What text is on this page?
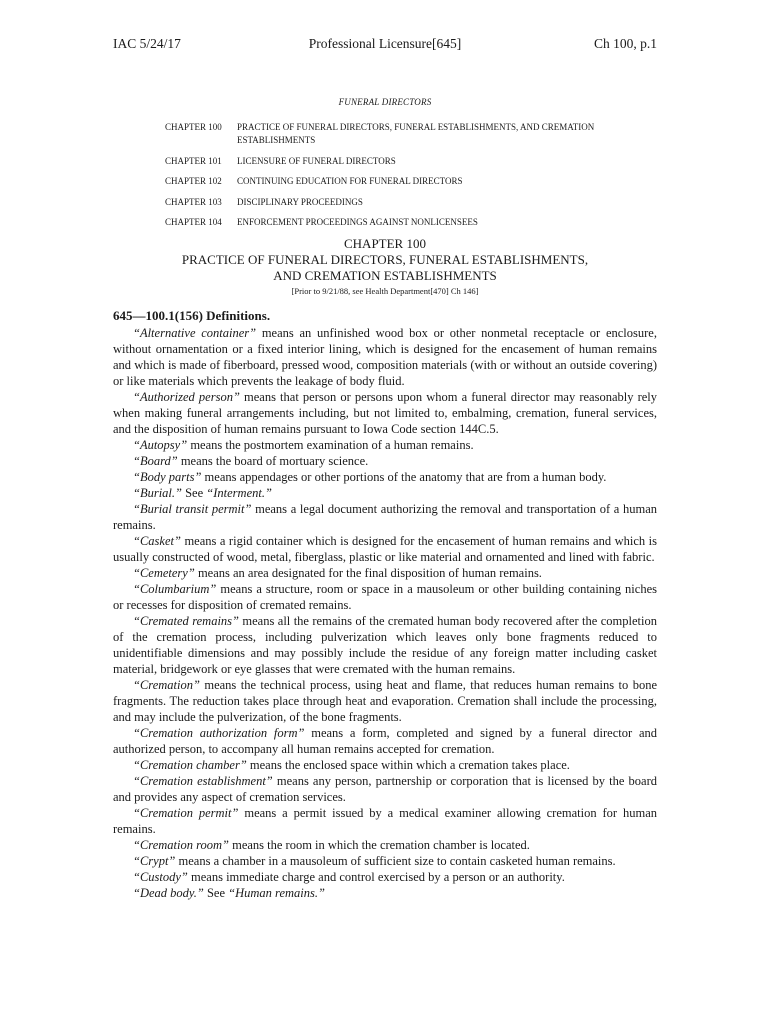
IAC 5/24/17	Professional Licensure[645]	Ch 100, p.1
FUNERAL DIRECTORS
CHAPTER 100	PRACTICE OF FUNERAL DIRECTORS, FUNERAL ESTABLISHMENTS, AND CREMATION ESTABLISHMENTS
CHAPTER 101	LICENSURE OF FUNERAL DIRECTORS
CHAPTER 102	CONTINUING EDUCATION FOR FUNERAL DIRECTORS
CHAPTER 103	DISCIPLINARY PROCEEDINGS
CHAPTER 104	ENFORCEMENT PROCEEDINGS AGAINST NONLICENSEES
CHAPTER 100
PRACTICE OF FUNERAL DIRECTORS, FUNERAL ESTABLISHMENTS,
AND CREMATION ESTABLISHMENTS
[Prior to 9/21/88, see Health Department[470] Ch 146]

645—100.1(156) Definitions.

“Alternative container” means an unfinished wood box or other nonmetal receptacle or enclosure, without ornamentation or a fixed interior lining, which is designed for the encasement of human remains and which is made of fiberboard, pressed wood, composition materials (with or without an outside covering) or like materials which prevents the leakage of body fluid.

“Authorized person” means that person or persons upon whom a funeral director may reasonably rely when making funeral arrangements including, but not limited to, embalming, cremation, funeral services, and the disposition of human remains pursuant to Iowa Code section 144C.5.

“Autopsy” means the postmortem examination of a human remains.

“Board” means the board of mortuary science.

“Body parts” means appendages or other portions of the anatomy that are from a human body.

“Burial.” See “Interment.”

“Burial transit permit” means a legal document authorizing the removal and transportation of a human remains.

“Casket” means a rigid container which is designed for the encasement of human remains and which is usually constructed of wood, metal, fiberglass, plastic or like material and ornamented and lined with fabric.

“Cemetery” means an area designated for the final disposition of human remains.

“Columbarium” means a structure, room or space in a mausoleum or other building containing niches or recesses for disposition of cremated remains.

“Cremated remains” means all the remains of the cremated human body recovered after the completion of the cremation process, including pulverization which leaves only bone fragments reduced to unidentifiable dimensions and may possibly include the residue of any foreign matter including casket material, bridgework or eye glasses that were cremated with the human remains.

“Cremation” means the technical process, using heat and flame, that reduces human remains to bone fragments. The reduction takes place through heat and evaporation. Cremation shall include the processing, and may include the pulverization, of the bone fragments.

“Cremation authorization form” means a form, completed and signed by a funeral director and authorized person, to accompany all human remains accepted for cremation.

“Cremation chamber” means the enclosed space within which a cremation takes place.

“Cremation establishment” means any person, partnership or corporation that is licensed by the board and provides any aspect of cremation services.

“Cremation permit” means a permit issued by a medical examiner allowing cremation for human remains.

“Cremation room” means the room in which the cremation chamber is located.

“Crypt” means a chamber in a mausoleum of sufficient size to contain casketed human remains.

“Custody” means immediate charge and control exercised by a person or an authority.

“Dead body.” See “Human remains.”
